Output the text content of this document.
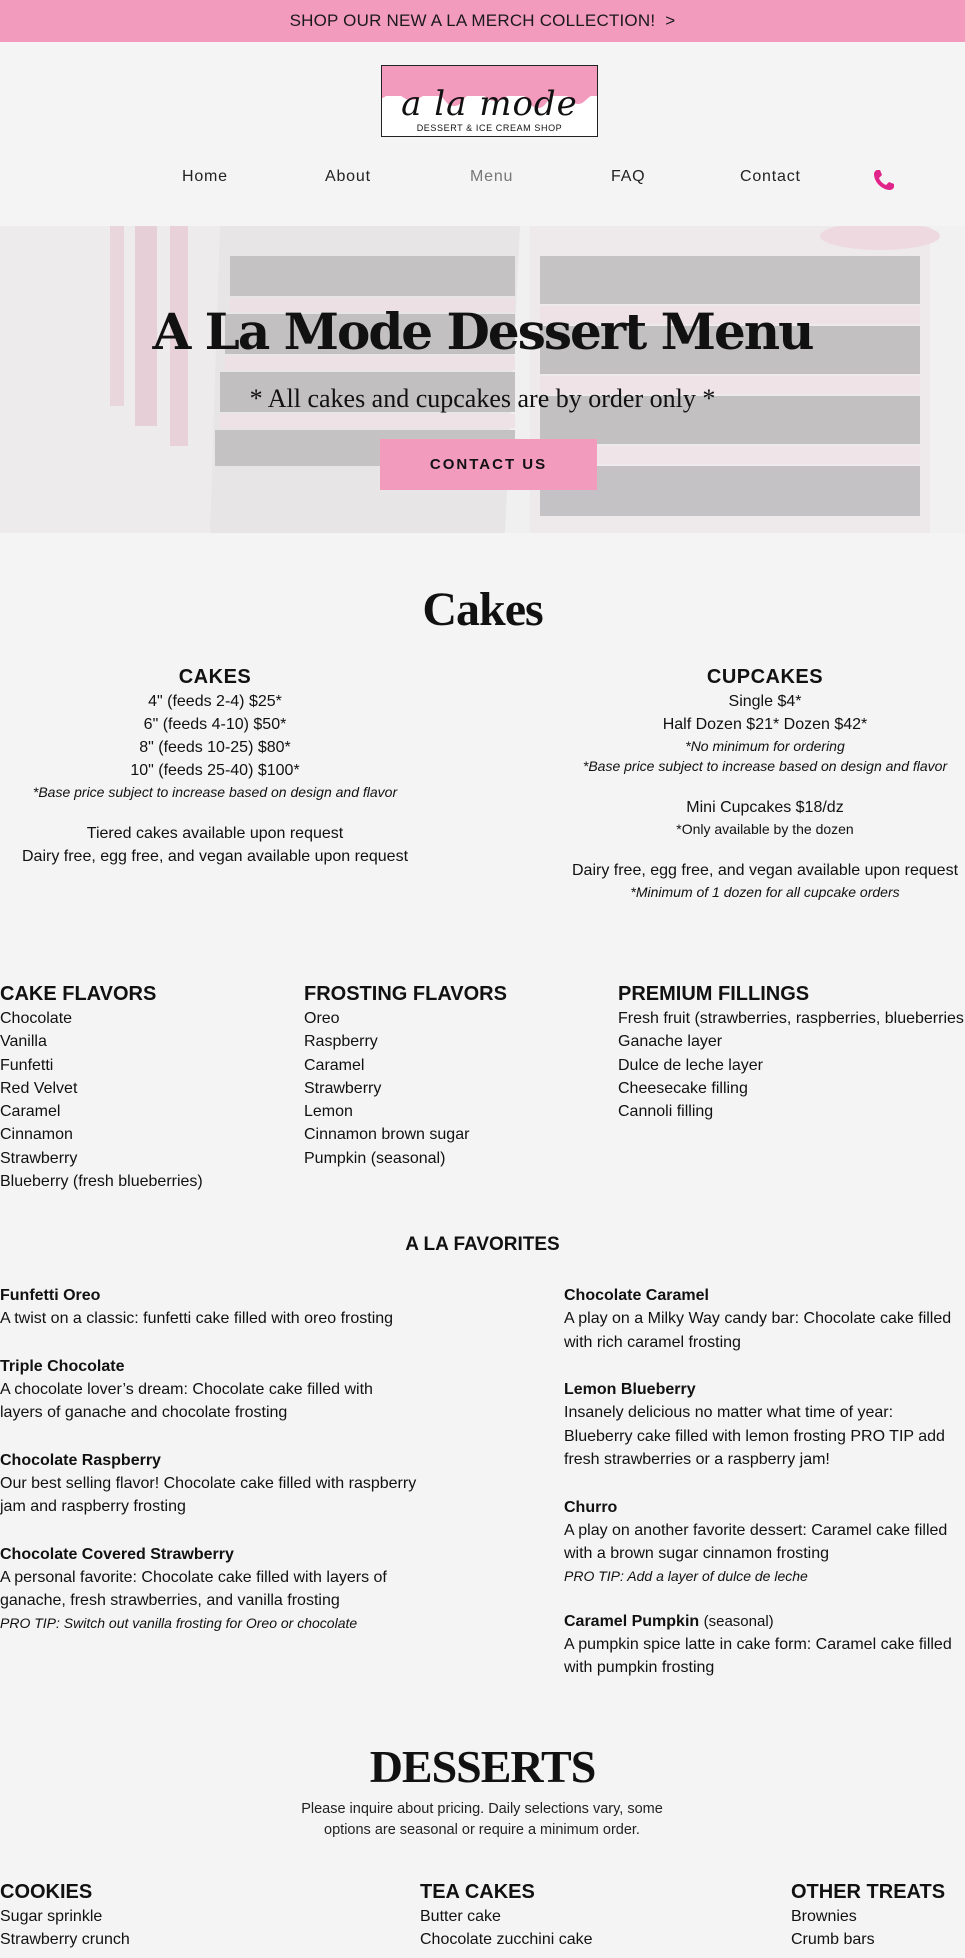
SHOP OUR NEW A LA MERCH COLLECTION! >
a la mode
DESSERT & ICE CREAM SHOP
Home	About	Menu	FAQ	Contact
A La Mode Dessert Menu
* All cakes and cupcakes are by order only *
CONTACT US
Cakes
CAKES
4" (feeds 2-4) $25*
6" (feeds 4-10) $50*
8" (feeds 10-25) $80*
10" (feeds 25-40) $100*
*Base price subject to increase based on design and flavor
Tiered cakes available upon request
Dairy free, egg free, and vegan available upon request
CUPCAKES
Single $4*
Half Dozen $21* Dozen $42*
*No minimum for ordering
*Base price subject to increase based on design and flavor
Mini Cupcakes $18/dz
*Only available by the dozen
Dairy free, egg free, and vegan available upon request
*Minimum of 1 dozen for all cupcake orders
CAKE FLAVORS
Chocolate
Vanilla
Funfetti
Red Velvet
Caramel
Cinnamon
Strawberry
Blueberry (fresh blueberries)
FROSTING FLAVORS
Oreo
Raspberry
Caramel
Strawberry
Lemon
Cinnamon brown sugar
Pumpkin (seasonal)
PREMIUM FILLINGS
Fresh fruit (strawberries, raspberries, blueberries
Ganache layer
Dulce de leche layer
Cheesecake filling
Cannoli filling
A LA FAVORITES
Funfetti Oreo
A twist on a classic: funfetti cake filled with oreo frosting
Triple Chocolate
A chocolate lover’s dream: Chocolate cake filled with layers of ganache and chocolate frosting
Chocolate Raspberry
Our best selling flavor! Chocolate cake filled with raspberry jam and raspberry frosting
Chocolate Covered Strawberry
A personal favorite: Chocolate cake filled with layers of ganache, fresh strawberries, and vanilla frosting
PRO TIP: Switch out vanilla frosting for Oreo or chocolate
Chocolate Caramel
A play on a Milky Way candy bar: Chocolate cake filled with rich caramel frosting
Lemon Blueberry
Insanely delicious no matter what time of year: Blueberry cake filled with lemon frosting PRO TIP add fresh strawberries or a raspberry jam!
Churro
A play on another favorite dessert: Caramel cake filled with a brown sugar cinnamon frosting
PRO TIP: Add a layer of dulce de leche
Caramel Pumpkin (seasonal)
A pumpkin spice latte in cake form: Caramel cake filled with pumpkin frosting
DESSERTS
Please inquire about pricing. Daily selections vary, some options are seasonal or require a minimum order.
COOKIES
Sugar sprinkle
Strawberry crunch
TEA CAKES
Butter cake
Chocolate zucchini cake
OTHER TREATS
Brownies
Crumb bars
